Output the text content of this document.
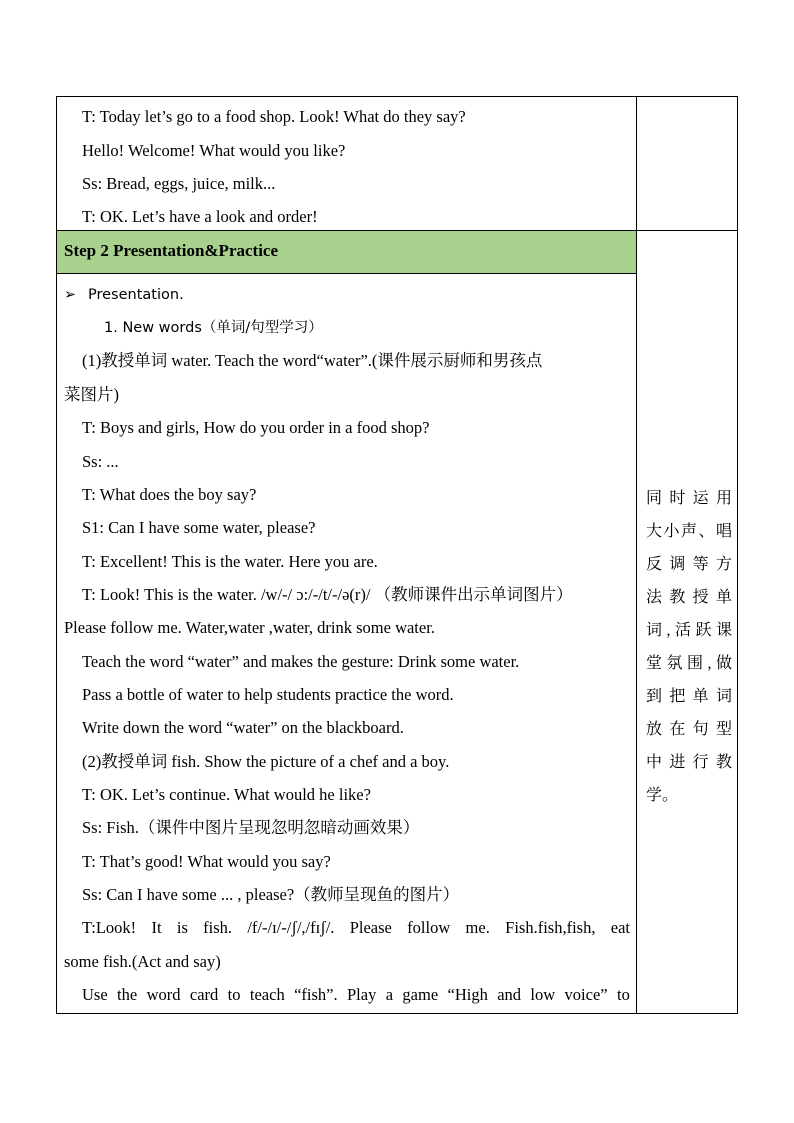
T: Today let’s go to a food shop. Look! What do they say?
Hello! Welcome! What would you like?
Ss: Bread, eggs, juice, milk...
T: OK. Let’s have a look and order!
Step 2 Presentation&Practice
➢ Presentation.
1. New words（单词/句型学习）
(1)教授单词 water. Teach the word“water”.(课件展示厨师和男孩点
菜图片)
T: Boys and girls, How do you order in a food shop?
Ss: ...
T: What does the boy say?
S1: Can I have some water, please?
T: Excellent! This is the water. Here you are.
T: Look! This is the water. /w/-/ ɔ:/-/t/-/ə(r)/ （教师课件出示单词图片）
Please follow me. Water,water ,water, drink some water.
Teach the word “water” and makes the gesture: Drink some water.
Pass a bottle of water to help students practice the word.
Write down the word “water” on the blackboard.
(2)教授单词 fish. Show the picture of a chef and a boy.
T: OK. Let’s continue. What would he like?
Ss: Fish.（课件中图片呈现忽明忽暗动画效果）
T: That’s good! What would you say?
Ss: Can I have some ... , please?（教师呈现鱼的图片）
T:Look! It is fish. /f/-/ɪ/-/ʃ/,/fɪʃ/. Please follow me. Fish.fish,fish, eat
some fish.(Act and say)
Use the word card to teach “fish”. Play a game “High and low voice” to
同 时 运 用
大 小 声 、 唱
反 调 等 方
法 教 授 单
词 , 活 跃 课
堂 氛 围 , 做
到 把 单 词
放 在 句 型
中 进 行 教
学 。
